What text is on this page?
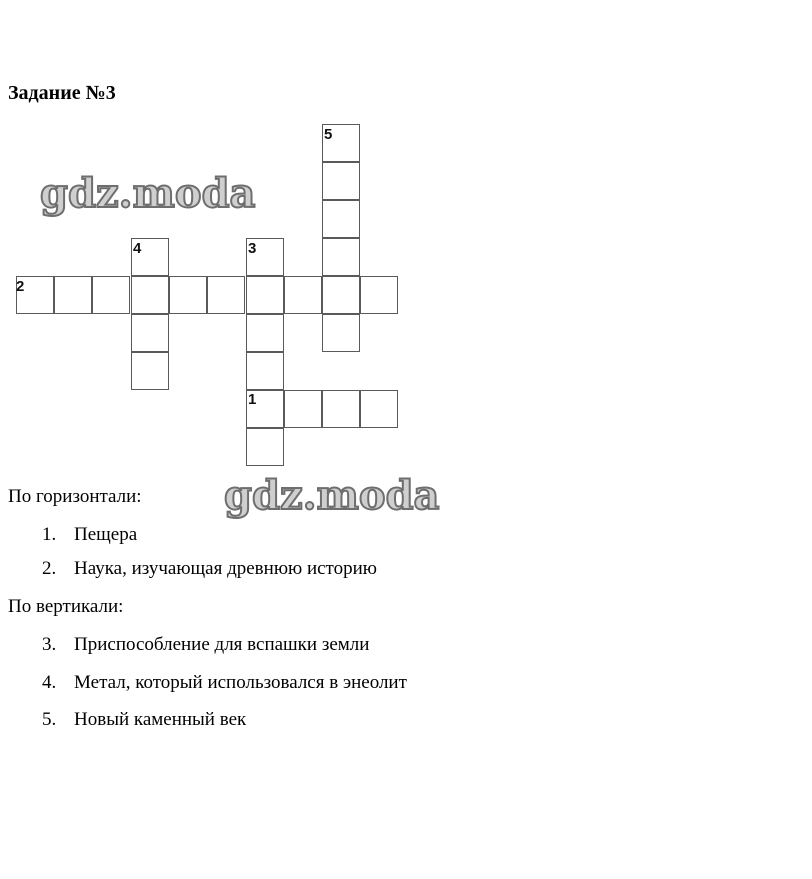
Задание №3
5
4	3
2
1
gdz.moda
gdz.moda
По горизонтали:
1. Пещера
2. Наука, изучающая древнюю историю
По вертикали:
3. Приспособление для вспашки земли
4. Метал, который использовался в энеолит
5. Новый каменный век
